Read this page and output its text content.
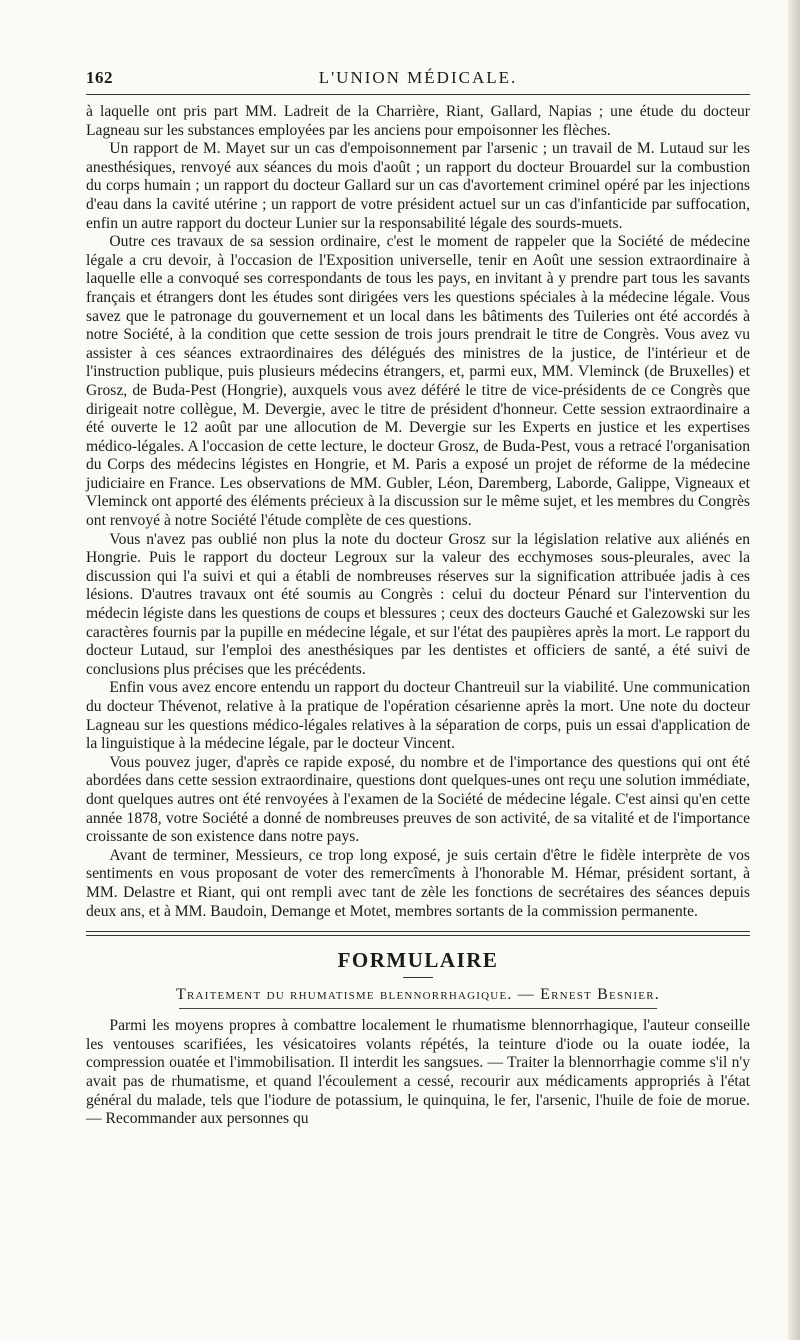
162	L'UNION MÉDICALE.

à laquelle ont pris part MM. Ladreit de la Charrière, Riant, Gallard, Napias ; une étude du docteur Lagneau sur les substances employées par les anciens pour empoisonner les flèches.

Un rapport de M. Mayet sur un cas d'empoisonnement par l'arsenic ; un travail de M. Lutaud sur les anesthésiques, renvoyé aux séances du mois d'août ; un rapport du docteur Brouardel sur la combustion du corps humain ; un rapport du docteur Gallard sur un cas d'avortement criminel opéré par les injections d'eau dans la cavité utérine ; un rapport de votre président actuel sur un cas d'infanticide par suffocation, enfin un autre rapport du docteur Lunier sur la responsabilité légale des sourds-muets.

Outre ces travaux de sa session ordinaire, c'est le moment de rappeler que la Société de médecine légale a cru devoir, à l'occasion de l'Exposition universelle, tenir en Août une session extraordinaire à laquelle elle a convoqué ses correspondants de tous les pays, en invitant à y prendre part tous les savants français et étrangers dont les études sont dirigées vers les questions spéciales à la médecine légale. Vous savez que le patronage du gouvernement et un local dans les bâtiments des Tuileries ont été accordés à notre Société, à la condition que cette session de trois jours prendrait le titre de Congrès. Vous avez vu assister à ces séances extraordinaires des délégués des ministres de la justice, de l'intérieur et de l'instruction publique, puis plusieurs médecins étrangers, et, parmi eux, MM. Vleminck (de Bruxelles) et Grosz, de Buda-Pest (Hongrie), auxquels vous avez déféré le titre de vice-présidents de ce Congrès que dirigeait notre collègue, M. Devergie, avec le titre de président d'honneur. Cette session extraordinaire a été ouverte le 12 août par une allocution de M. Devergie sur les Experts en justice et les expertises médico-légales. A l'occasion de cette lecture, le docteur Grosz, de Buda-Pest, vous a retracé l'organisation du Corps des médecins légistes en Hongrie, et M. Paris a exposé un projet de réforme de la médecine judiciaire en France. Les observations de MM. Gubler, Léon, Daremberg, Laborde, Galippe, Vigneaux et Vleminck ont apporté des éléments précieux à la discussion sur le même sujet, et les membres du Congrès ont renvoyé à notre Société l'étude complète de ces questions.

Vous n'avez pas oublié non plus la note du docteur Grosz sur la législation relative aux aliénés en Hongrie. Puis le rapport du docteur Legroux sur la valeur des ecchymoses sous-pleurales, avec la discussion qui l'a suivi et qui a établi de nombreuses réserves sur la signification attribuée jadis à ces lésions. D'autres travaux ont été soumis au Congrès : celui du docteur Pénard sur l'intervention du médecin légiste dans les questions de coups et blessures ; ceux des docteurs Gauché et Galezowski sur les caractères fournis par la pupille en médecine légale, et sur l'état des paupières après la mort. Le rapport du docteur Lutaud, sur l'emploi des anesthésiques par les dentistes et officiers de santé, a été suivi de conclusions plus précises que les précédents.

Enfin vous avez encore entendu un rapport du docteur Chantreuil sur la viabilité. Une communication du docteur Thévenot, relative à la pratique de l'opération césarienne après la mort. Une note du docteur Lagneau sur les questions médico-légales relatives à la séparation de corps, puis un essai d'application de la linguistique à la médecine légale, par le docteur Vincent.

Vous pouvez juger, d'après ce rapide exposé, du nombre et de l'importance des questions qui ont été abordées dans cette session extraordinaire, questions dont quelques-unes ont reçu une solution immédiate, dont quelques autres ont été renvoyées à l'examen de la Société de médecine légale. C'est ainsi qu'en cette année 1878, votre Société a donné de nombreuses preuves de son activité, de sa vitalité et de l'importance croissante de son existence dans notre pays.

Avant de terminer, Messieurs, ce trop long exposé, je suis certain d'être le fidèle interprète de vos sentiments en vous proposant de voter des remercîments à l'honorable M. Hémar, président sortant, à MM. Delastre et Riant, qui ont rempli avec tant de zèle les fonctions de secrétaires des séances depuis deux ans, et à MM. Baudoin, Demange et Motet, membres sortants de la commission permanente.

FORMULAIRE
Traitement du rhumatisme blennorrhagique. — Ernest Besnier.

Parmi les moyens propres à combattre localement le rhumatisme blennorrhagique, l'auteur conseille les ventouses scarifiées, les vésicatoires volants répétés, la teinture d'iode ou la ouate iodée, la compression ouatée et l'immobilisation. Il interdit les sangsues. — Traiter la blennorrhagie comme s'il n'y avait pas de rhumatisme, et quand l'écoulement a cessé, recourir aux médicaments appropriés à l'état général du malade, tels que l'iodure de potassium, le quinquina, le fer, l'arsenic, l'huile de foie de morue. — Recommander aux personnes qu
